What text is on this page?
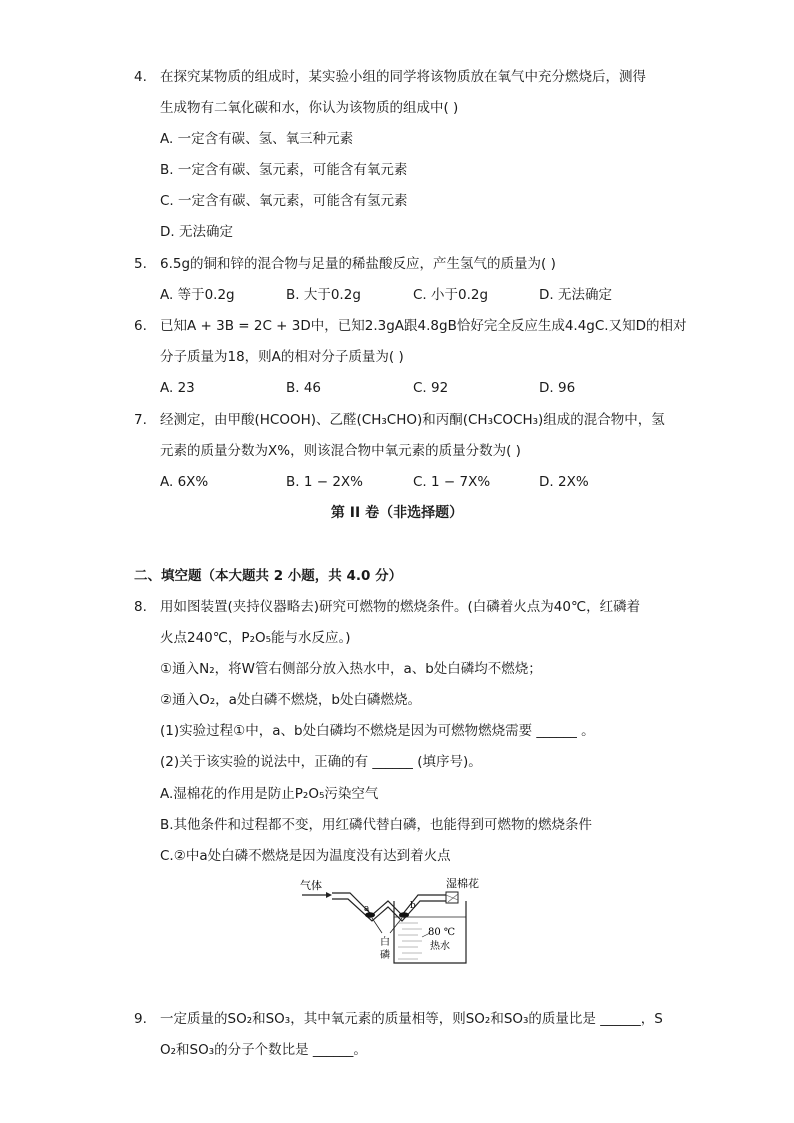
4. 在探究某物质的组成时，某实验小组的同学将该物质放在氧气中充分燃烧后，测得
生成物有二氧化碳和水，你认为该物质的组成中( )
A. 一定含有碳、氢、氧三种元素
B. 一定含有碳、氢元素，可能含有氧元素
C. 一定含有碳、氧元素，可能含有氢元素
D. 无法确定
5. 6.5g的铜和锌的混合物与足量的稀盐酸反应，产生氢气的质量为( )
A. 等于0.2g	B. 大于0.2g	C. 小于0.2g	D. 无法确定
6. 已知A + 3B = 2C + 3D中，已知2.3gA跟4.8gB恰好完全反应生成4.4gC.又知D的相对
分子质量为18，则A的相对分子质量为( )
A. 23	B. 46	C. 92	D. 96
7. 经测定，由甲酸(HCOOH)、乙醛(CH₃CHO)和丙酮(CH₃COCH₃)组成的混合物中，氢
元素的质量分数为X%，则该混合物中氧元素的质量分数为( )
A. 6X%	B. 1 − 2X%	C. 1 − 7X%	D. 2X%
第 II 卷（非选择题）
二、填空题（本大题共 2 小题，共 4.0 分）
8. 用如图装置(夹持仪器略去)研究可燃物的燃烧条件。(白磷着火点为40℃，红磷着
火点240℃，P₂O₅能与水反应。)
①通入N₂，将W管右侧部分放入热水中，a、b处白磷均不燃烧；
②通入O₂，a处白磷不燃烧，b处白磷燃烧。
(1)实验过程①中，a、b处白磷均不燃烧是因为可燃物燃烧需要 ______ 。
(2)关于该实验的说法中，正确的有 ______ (填序号)。
A.湿棉花的作用是防止P₂O₅污染空气
B.其他条件和过程都不变，用红磷代替白磷，也能得到可燃物的燃烧条件
C.②中a处白磷不燃烧是因为温度没有达到着火点
气体
a	b
白
磷
湿棉花
80 ℃
热水
9. 一定质量的SO₂和SO₃，其中氧元素的质量相等，则SO₂和SO₃的质量比是 ______，S
O₂和SO₃的分子个数比是 ______。
